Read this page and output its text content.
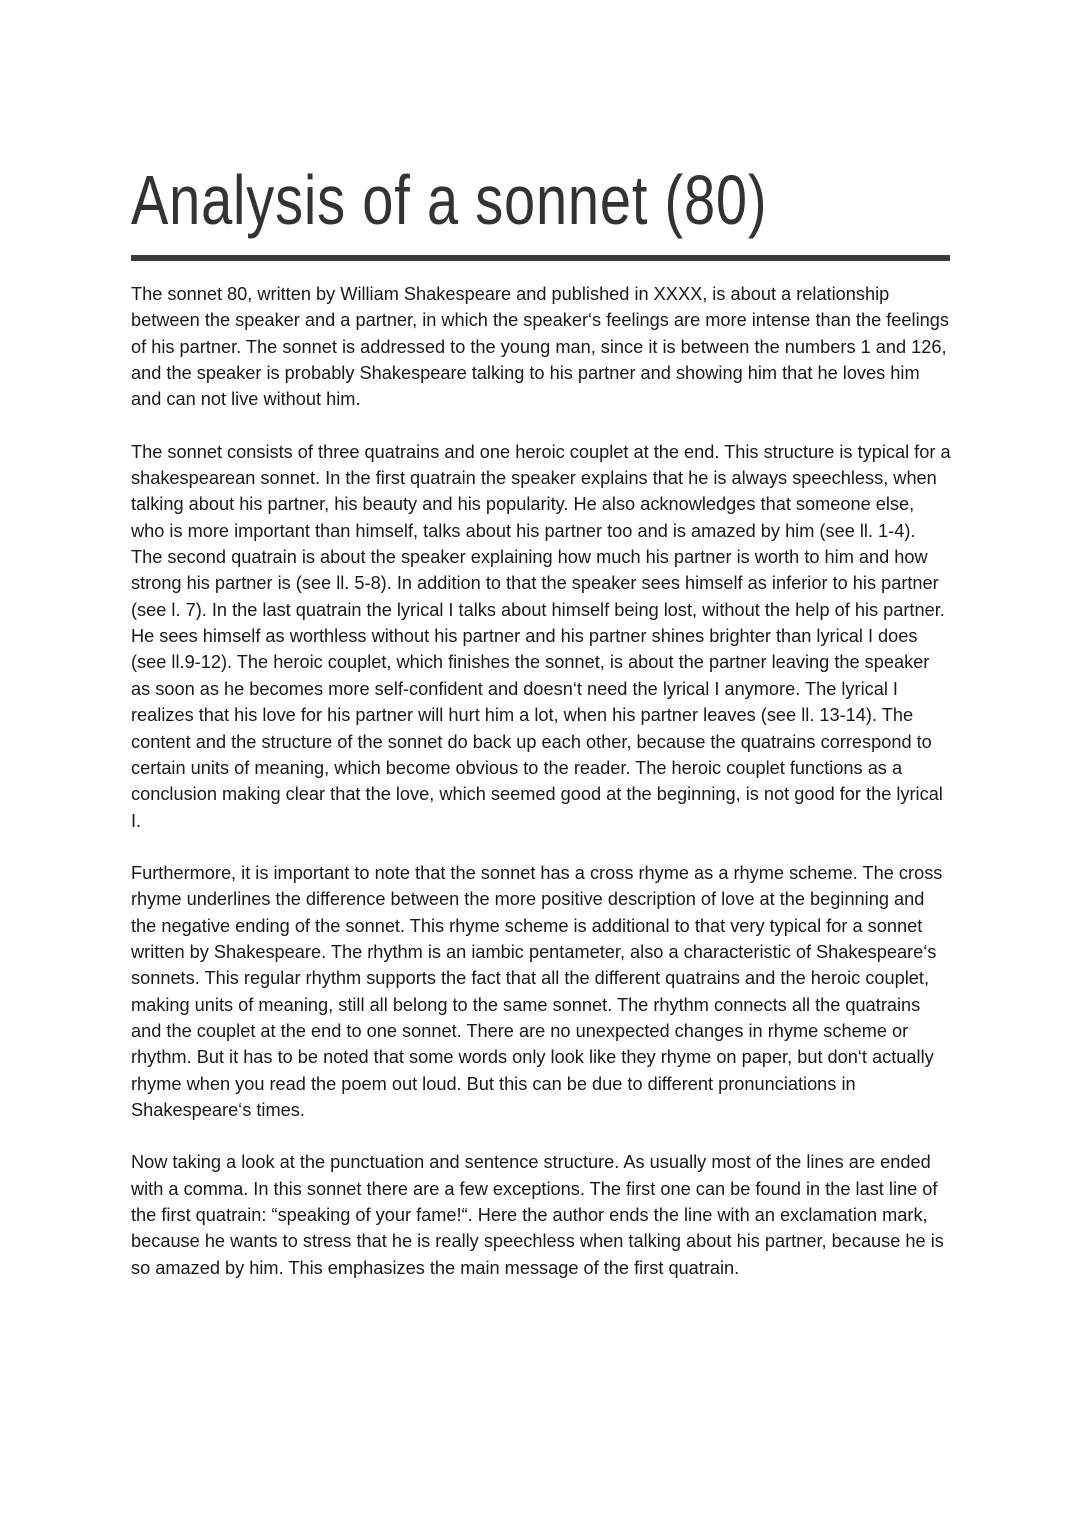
Analysis of a sonnet (80)

The sonnet 80, written by William Shakespeare and published in XXXX, is about a relationship between the speaker and a partner, in which the speaker‘s feelings are more intense than the feelings of his partner. The sonnet is addressed to the young man, since it is between the numbers 1 and 126, and the speaker is probably Shakespeare talking to his partner and showing him that he loves him and can not live without him.

The sonnet consists of three quatrains and one heroic couplet at the end. This structure is typical for a shakespearean sonnet. In the first quatrain the speaker explains that he is always speechless, when talking about his partner, his beauty and his popularity. He also acknowledges that someone else, who is more important than himself, talks about his partner too and is amazed by him (see ll. 1-4). The second quatrain is about the speaker explaining how much his partner is worth to him and how strong his partner is (see ll. 5-8). In addition to that the speaker sees himself as inferior to his partner (see l. 7). In the last quatrain the lyrical I talks about himself being lost, without the help of his partner. He sees himself as worthless without his partner and his partner shines brighter than lyrical I does (see ll.9-12). The heroic couplet, which finishes the sonnet, is about the partner leaving the speaker as soon as he becomes more self-confident and doesn‘t need the lyrical I anymore. The lyrical I realizes that his love for his partner will hurt him a lot, when his partner leaves (see ll. 13-14). The content and the structure of the sonnet do back up each other, because the quatrains correspond to certain units of meaning, which become obvious to the reader. The heroic couplet functions as a conclusion making clear that the love, which seemed good at the beginning, is not good for the lyrical I.

Furthermore, it is important to note that the sonnet has a cross rhyme as a rhyme scheme. The cross rhyme underlines the difference between the more positive description of love at the beginning and the negative ending of the sonnet. This rhyme scheme is additional to that very typical for a sonnet written by Shakespeare. The rhythm is an iambic pentameter, also a characteristic of Shakespeare‘s sonnets. This regular rhythm supports the fact that all the different quatrains and the heroic couplet, making units of meaning, still all belong to the same sonnet. The rhythm connects all the quatrains and the couplet at the end to one sonnet. There are no unexpected changes in rhyme scheme or rhythm. But it has to be noted that some words only look like they rhyme on paper, but don‘t actually rhyme when you read the poem out loud. But this can be due to different pronunciations in Shakespeare‘s times.

Now taking a look at the punctuation and sentence structure. As usually most of the lines are ended with a comma. In this sonnet there are a few exceptions. The first one can be found in the last line of the first quatrain: “speaking of your fame!“. Here the author ends the line with an exclamation mark, because he wants to stress that he is really speechless when talking about his partner, because he is so amazed by him. This emphasizes the main message of the first quatrain.
